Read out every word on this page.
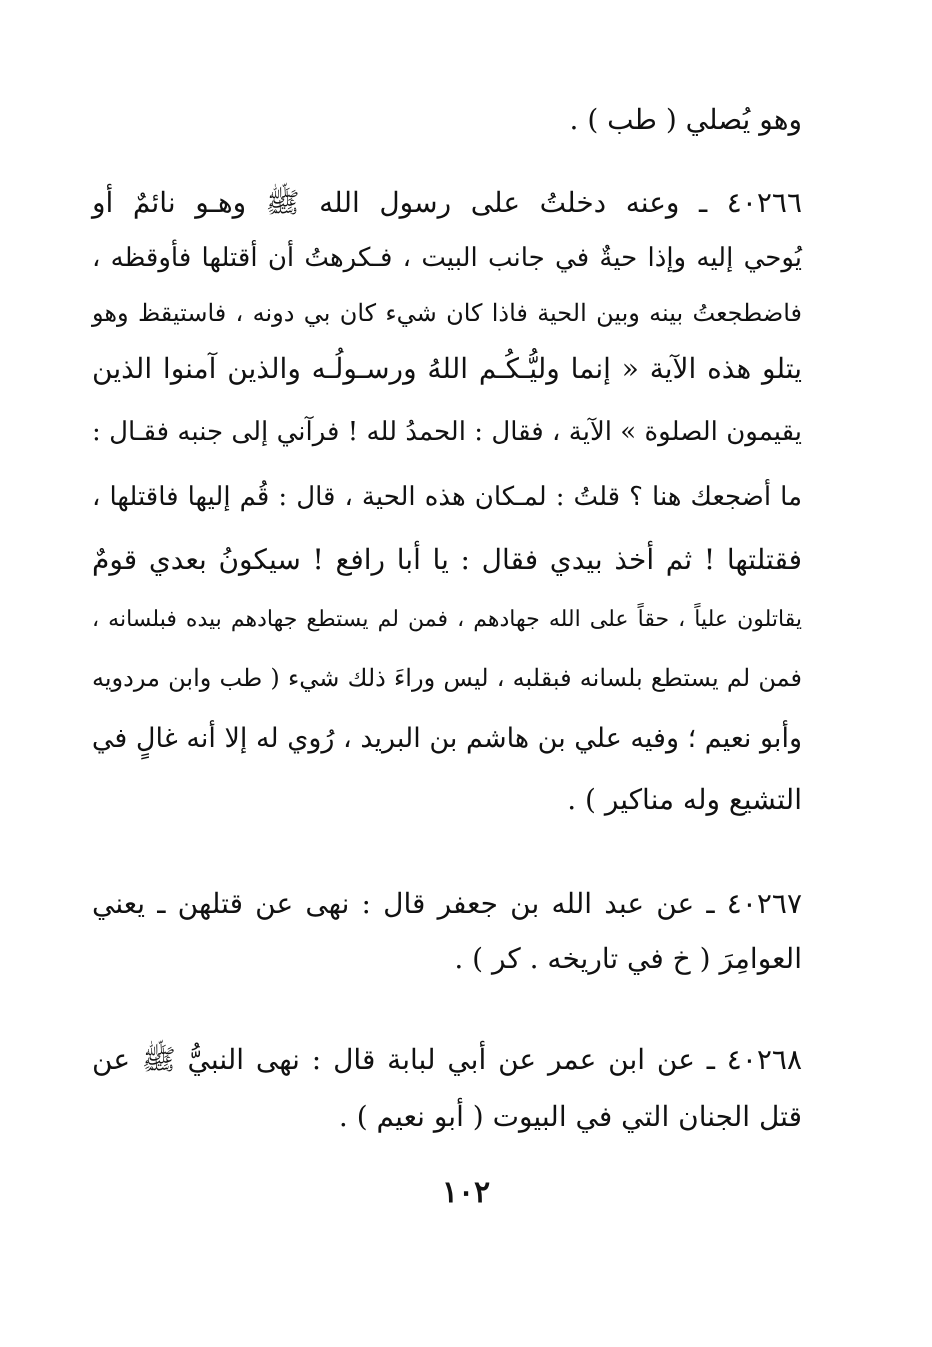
وهو يُصلي ( طب ) .
٤٠٢٦٦ ـ وعنه دخلتُ على رسول الله ﷺ وهـو نائمٌ أو
يُوحي إليه وإذا حيةٌ في جانب البيت ، فـكرهتُ أن أقتلها فأوقظه ،
فاضطجعتُ بينه وبين الحية فاذا كان شيء كان بي دونه ، فاستيقظ وهو
يتلو هذه الآية « إنما وليُّـكُـم اللهُ ورسـولُـه والذين آمنوا الذين
يقيمون الصلوة » الآية ، فقال : الحمدُ لله ! فرآني إلى جنبه فقـال :
ما أضجعك هنا ؟ قلتُ : لمـكان هذه الحية ، قال : قُم إليها فاقتلها ،
فقتلتها ! ثم أخذ بيدي فقال : يا أبا رافع ! سيكونُ بعدي قومٌ
يقاتلون علياً ، حقاً على الله جهادهم ، فمن لم يستطع جهادهم بيده فبلسانه ،
فمن لم يستطع بلسانه فبقلبه ، ليس وراءَ ذلك شيء ( طب وابن مردويه
وأبو نعيم ؛ وفيه علي بن هاشم بن البريد ، رُوي له إلا أنه غالٍ في
التشيع وله مناكير ) .
٤٠٢٦٧ ـ عن عبد الله بن جعفر قال : نهى عن قتلهن ـ يعني
العوامِرَ ( خ في تاريخه . كر ) .
٤٠٢٦٨ ـ عن ابن عمر عن أبي لبابة قال : نهى النبيُّ ﷺ عن
قتل الجنان التي في البيوت ( أبو نعيم ) .
١٠٢
